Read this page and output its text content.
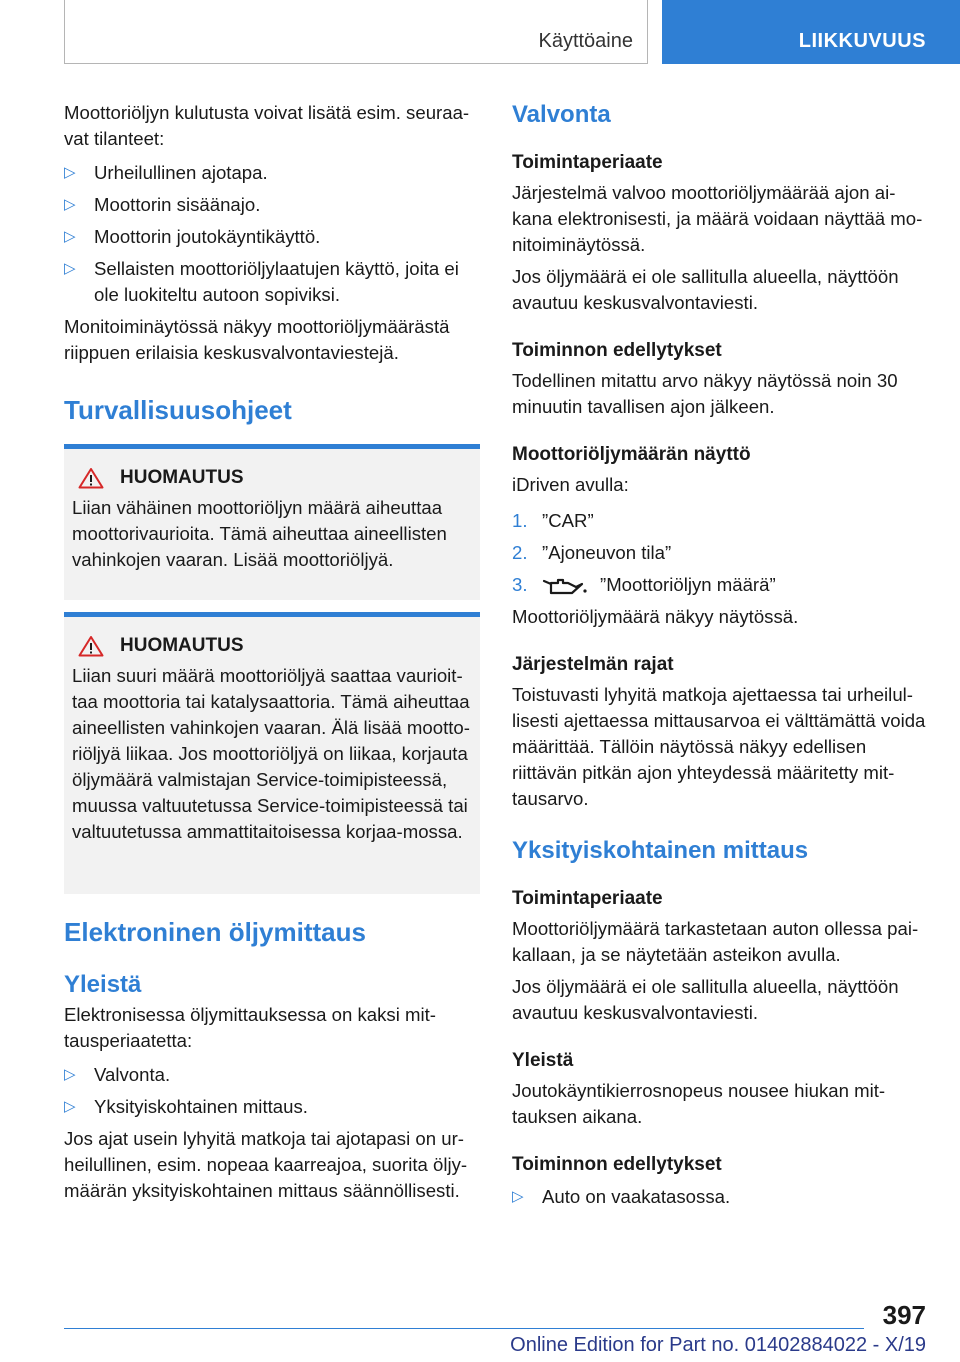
Käyttöaine	LIIKKUVUUS

Moottoriöljyn kulutusta voivat lisätä esim. seuraa-vat tilanteet:

▷ Urheilullinen ajotapa.
▷ Moottorin sisäänajo.
▷ Moottorin joutokäyntikäyttö.
▷ Sellaisten moottoriöljylaatujen käyttö, joita ei ole luokiteltu autoon sopiviksi.

Monitoiminäytössä näkyy moottoriöljymäärästä riippuen erilaisia keskusvalvontaviestejä.

Turvallisuusohjeet
HUOMAUTUS

Liian vähäinen moottoriöljyn määrä aiheuttaa moottorivaurioita. Tämä aiheuttaa aineellisten vahinkojen vaaran. Lisää moottoriöljyä.

HUOMAUTUS

Liian suuri määrä moottoriöljyä saattaa vaurioit-taa moottoria tai katalysaattoria. Tämä aiheuttaa aineellisten vahinkojen vaaran. Älä lisää mootto-riöljyä liikaa. Jos moottoriöljyä on liikaa, korjauta öljymäärä valmistajan Service-toimipisteessä, muussa valtuutetussa Service-toimipisteessä tai valtuutetussa ammattitaitoisessa korjaa-mossa.

Elektroninen öljymittaus
Yleistä

Elektronisessa öljymittauksessa on kaksi mit-tausperiaatetta:

▷ Valvonta.
▷ Yksityiskohtainen mittaus.

Jos ajat usein lyhyitä matkoja tai ajotapasi on ur-heilullinen, esim. nopeaa kaarreajoa, suorita öljy-määrän yksityiskohtainen mittaus säännöllisesti.

Valvonta
Toimintaperiaate

Järjestelmä valvoo moottoriöljymäärää ajon ai-kana elektronisesti, ja määrä voidaan näyttää mo-nitoiminäytössä.

Jos öljymäärä ei ole sallitulla alueella, näyttöön avautuu keskusvalvontaviesti.

Toiminnon edellytykset

Todellinen mitattu arvo näkyy näytössä noin 30 minuutin tavallisen ajon jälkeen.

Moottoriöljymäärän näyttö

iDriven avulla:

1. ”CAR”
2. ”Ajoneuvon tila”
3.	”Moottoriöljyn määrä”

Moottoriöljymäärä näkyy näytössä.

Järjestelmän rajat

Toistuvasti lyhyitä matkoja ajettaessa tai urheilul-lisesti ajettaessa mittausarvoa ei välttämättä voida määrittää. Tällöin näytössä näkyy edellisen riittävän pitkän ajon yhteydessä määritetty mit-tausarvo.

Yksityiskohtainen mittaus
Toimintaperiaate

Moottoriöljymäärä tarkastetaan auton ollessa pai-kallaan, ja se näytetään asteikon avulla.

Jos öljymäärä ei ole sallitulla alueella, näyttöön avautuu keskusvalvontaviesti.

Yleistä

Joutokäyntikierrosnopeus nousee hiukan mit-tauksen aikana.

Toiminnon edellytykset
▷ Auto on vaakatasossa.
397
Online Edition for Part no. 01402884022 - X/19
